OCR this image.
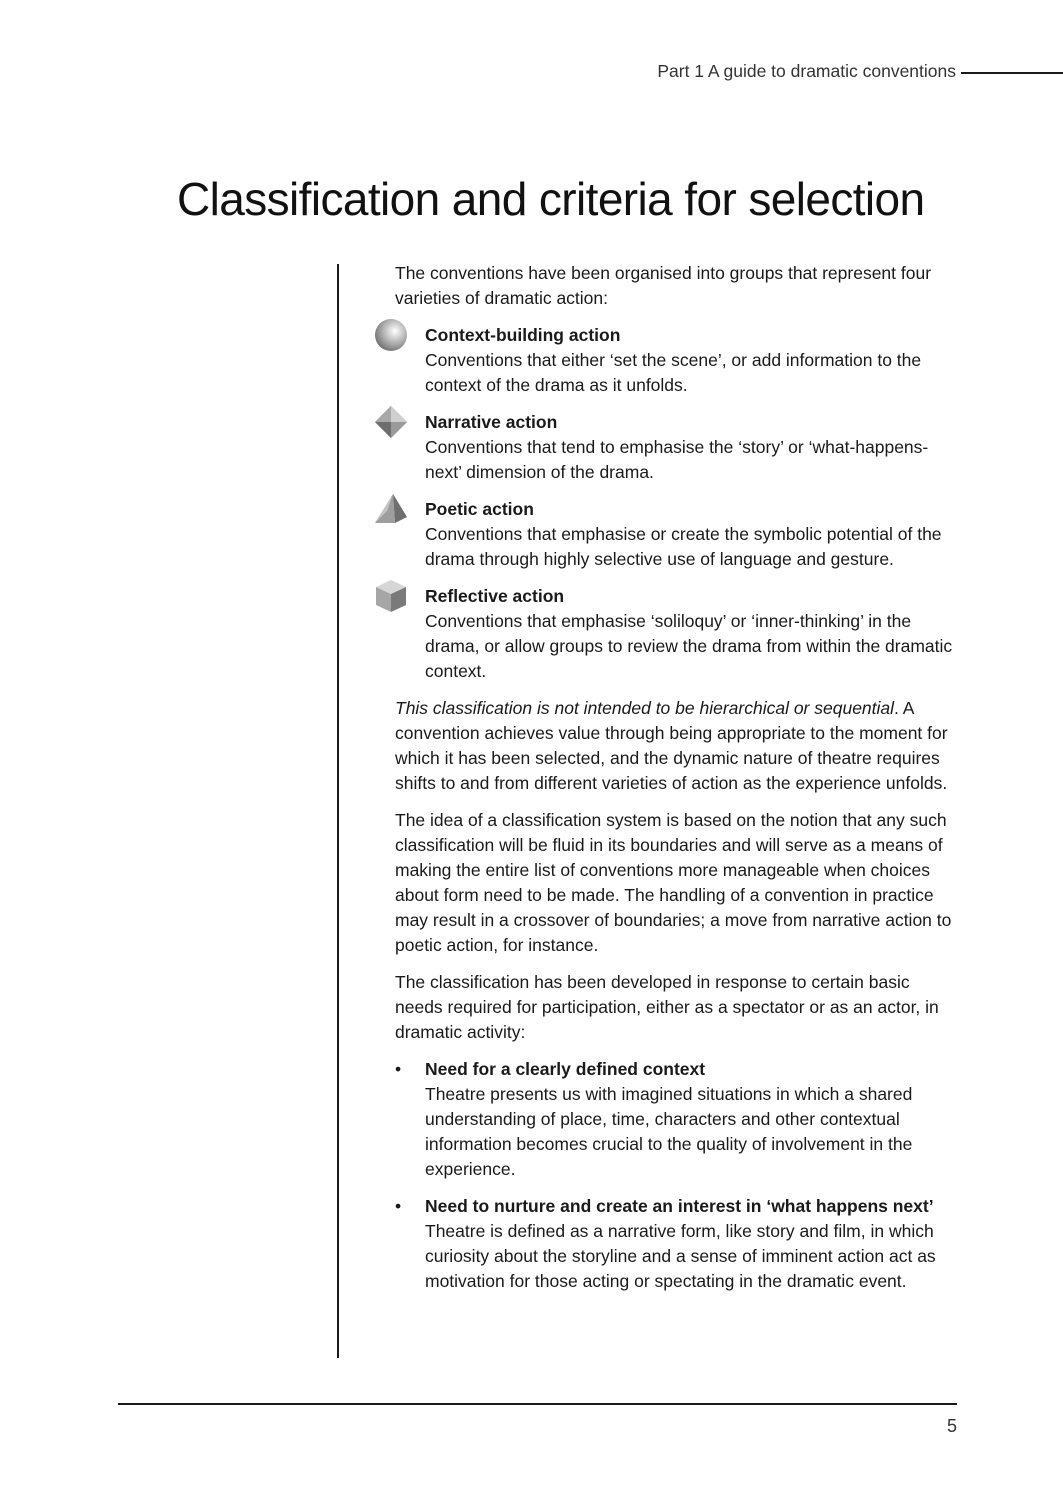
Part 1 A guide to dramatic conventions
Classification and criteria for selection

The conventions have been organised into groups that represent four varieties of dramatic action:

Context-building action
Conventions that either ‘set the scene’, or add information to the context of the drama as it unfolds.
Narrative action
Conventions that tend to emphasise the ‘story’ or ‘what-happens-next’ dimension of the drama.
Poetic action
Conventions that emphasise or create the symbolic potential of the drama through highly selective use of language and gesture.
Reflective action
Conventions that emphasise ‘soliloquy’ or ‘inner-thinking’ in the drama, or allow groups to review the drama from within the dramatic context.

This classification is not intended to be hierarchical or sequential. A convention achieves value through being appropriate to the moment for which it has been selected, and the dynamic nature of theatre requires shifts to and from different varieties of action as the experience unfolds.

The idea of a classification system is based on the notion that any such classification will be fluid in its boundaries and will serve as a means of making the entire list of conventions more manageable when choices about form need to be made. The handling of a convention in practice may result in a crossover of boundaries; a move from narrative action to poetic action, for instance.

The classification has been developed in response to certain basic needs required for participation, either as a spectator or as an actor, in dramatic activity:

• Need for a clearly defined context
Theatre presents us with imagined situations in which a shared understanding of place, time, characters and other contextual information becomes crucial to the quality of involvement in the experience.
• Need to nurture and create an interest in ‘what happens next’
Theatre is defined as a narrative form, like story and film, in which curiosity about the storyline and a sense of imminent action act as motivation for those acting or spectating in the dramatic event.
5
